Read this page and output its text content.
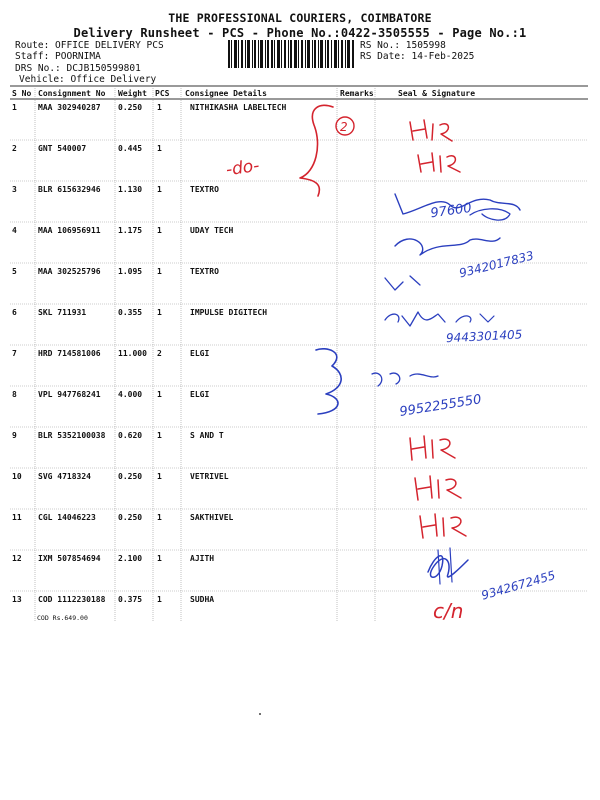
THE PROFESSIONAL COURIERS, COIMBATORE
Delivery Runsheet - PCS - Phone No.:0422-3505555 - Page No.:1
Route: OFFICE DELIVERY PCS
Staff: POORNIMA
DRS No.: DCJB150599801
Vehicle: Office Delivery
RS No.: 1505998
RS Date: 14-Feb-2025
S No Consignment No Weight PCS Consignee Details	Remarks	Seal & Signature
1	MAA 302940287 0.250 1	NITHIKASHA LABELTECH
2	GNT 540007	0.445 1
3	BLR 615632946 1.130 1	TEXTRO
4	MAA 106956911 1.175 1	UDAY TECH
5	MAA 302525796 1.095 1	TEXTRO
6	SKL 711931	0.355 1	IMPULSE DIGITECH
7	HRD 714581006 11.000 2	ELGI
8	VPL 947768241 4.000 1	ELGI
9	BLR 5352100038 0.620 1	S AND T
10 SVG 4718324	0.250 1	VETRIVEL
11 CGL 14046223	0.250 1	SAKTHIVEL
12 IXM 507854694 2.100 1	AJITH
13 COD 1112230188 0.375 1	SUDHA
COD Rs.649.00
-do-
2
97600
9342017833
9443301405
9952255550
9342672455
c/n
